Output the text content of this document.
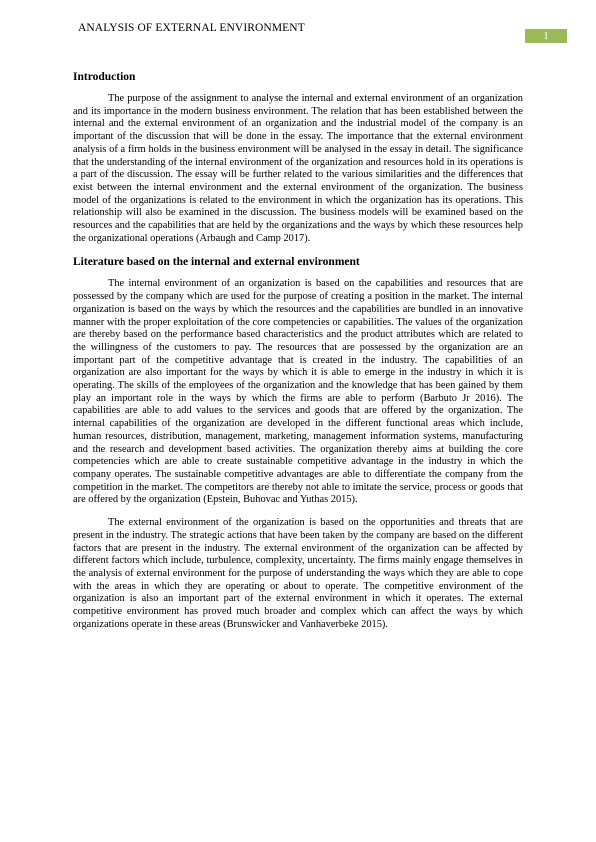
ANALYSIS OF EXTERNAL ENVIRONMENT
1
Introduction

The purpose of the assignment to analyse the internal and external environment of an organization and its importance in the modern business environment. The relation that has been established between the internal and the external environment of an organization and the industrial model of the company is an important of the discussion that will be done in the essay. The importance that the external environment analysis of a firm holds in the business environment will be analysed in the essay in detail. The significance that the understanding of the internal environment of the organization and resources hold in its operations is a part of the discussion. The essay will be further related to the various similarities and the differences that exist between the internal environment and the external environment of the organization. The business model of the organizations is related to the environment in which the organization has its operations. This relationship will also be examined in the discussion. The business models will be examined based on the resources and the capabilities that are held by the organizations and the ways by which these resources help the organizational operations (Arbaugh and Camp 2017).

Literature based on the internal and external environment

The internal environment of an organization is based on the capabilities and resources that are possessed by the company which are used for the purpose of creating a position in the market. The internal organization is based on the ways by which the resources and the capabilities are bundled in an innovative manner with the proper exploitation of the core competencies or capabilities. The values of the organization are thereby based on the performance based characteristics and the product attributes which are related to the willingness of the customers to pay. The resources that are possessed by the organization are an important part of the competitive advantage that is created in the industry. The capabilities of an organization are also important for the ways by which it is able to emerge in the industry in which it is operating. The skills of the employees of the organization and the knowledge that has been gained by them play an important role in the ways by which the firms are able to perform (Barbuto Jr 2016). The capabilities are able to add values to the services and goods that are offered by the organization. The internal capabilities of the organization are developed in the different functional areas which include, human resources, distribution, management, marketing, management information systems, manufacturing and the research and development based activities. The organization thereby aims at building the core competencies which are able to create sustainable competitive advantage in the industry in which the company operates. The sustainable competitive advantages are able to differentiate the company from the competition in the market. The competitors are thereby not able to imitate the service, process or goods that are offered by the organization (Epstein, Buhovac and Yuthas 2015).

The external environment of the organization is based on the opportunities and threats that are present in the industry. The strategic actions that have been taken by the company are based on the different factors that are present in the industry. The external environment of the organization can be affected by different factors which include, turbulence, complexity, uncertainty. The firms mainly engage themselves in the analysis of external environment for the purpose of understanding the ways which they are able to cope with the areas in which they are operating or about to operate. The competitive environment of the organization is also an important part of the external environment in which it operates. The external competitive environment has proved much broader and complex which can affect the ways by which organizations operate in these areas (Brunswicker and Vanhaverbeke 2015).
